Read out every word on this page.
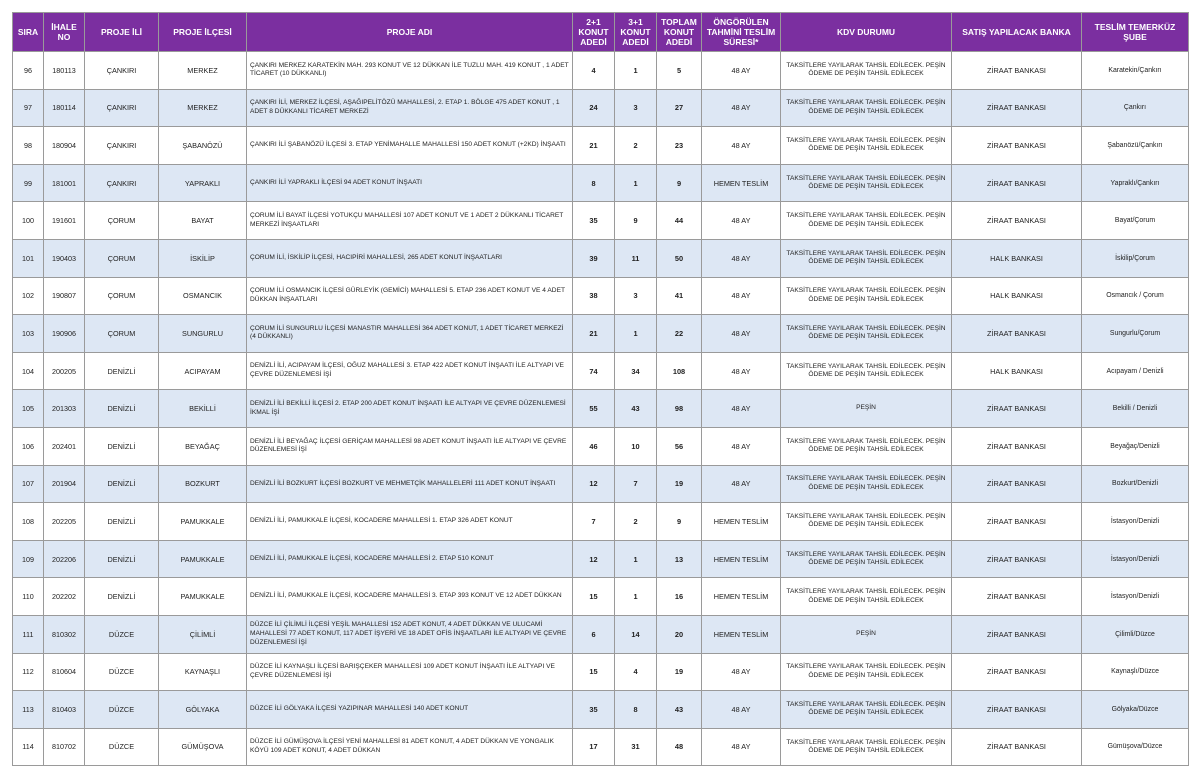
SIRA	İHALE NO	PROJE İLİ	PROJE İLÇESİ	PROJE ADI	2+1 KONUT ADEDİ	3+1 KONUT ADEDİ	TOPLAM KONUT ADEDİ	ÖNGÖRÜLEN TAHMİNİ TESLİM SÜRESİ*	KDV DURUMU	SATIŞ YAPILACAK BANKA	TESLİM TEMERKÜZ ŞUBE
96	180113	ÇANKIRI	MERKEZ	ÇANKIRI MERKEZ KARATEKİN MAH. 293 KONUT VE 12 DÜKKAN İLE TUZLU MAH. 419 KONUT , 1 ADET TİCARET (10 DÜKKANLI)	4	1	5	48 AY	TAKSİTLERE YAYILARAK TAHSİL EDİLECEK. PEŞİN ÖDEME DE PEŞİN TAHSİL EDİLECEK	ZİRAAT BANKASI	Karatekin/Çankırı
97	180114	ÇANKIRI	MERKEZ	ÇANKIRI İLİ, MERKEZ İLÇESİ, AŞAĞIPELİTÖZÜ MAHALLESİ, 2. ETAP 1. BÖLGE 475 ADET KONUT , 1 ADET 8 DÜKKANLI TİCARET MERKEZİ	24	3	27	48 AY	TAKSİTLERE YAYILARAK TAHSİL EDİLECEK. PEŞİN ÖDEME DE PEŞİN TAHSİL EDİLECEK	ZİRAAT BANKASI	Çankırı
98	180904	ÇANKIRI	ŞABANÖZÜ	ÇANKIRI İLİ ŞABANÖZÜ İLÇESİ 3. ETAP YENİMAHALLE MAHALLESİ 150 ADET KONUT (+2KD) İNŞAATI	21	2	23	48 AY	TAKSİTLERE YAYILARAK TAHSİL EDİLECEK. PEŞİN ÖDEME DE PEŞİN TAHSİL EDİLECEK	ZİRAAT BANKASI	Şabanözü/Çankırı
99	181001	ÇANKIRI	YAPRAKLI	ÇANKIRI İLİ YAPRAKLI İLÇESİ 94 ADET KONUT İNŞAATI	8	1	9	HEMEN TESLİM	TAKSİTLERE YAYILARAK TAHSİL EDİLECEK. PEŞİN ÖDEME DE PEŞİN TAHSİL EDİLECEK	ZİRAAT BANKASI	Yapraklı/Çankırı
100	191601	ÇORUM	BAYAT	ÇORUM İLİ BAYAT İLÇESİ YOTUKÇU MAHALLESİ 107 ADET KONUT VE 1 ADET 2 DÜKKANLI TİCARET MERKEZİ İNŞAATLARI	35	9	44	48 AY	TAKSİTLERE YAYILARAK TAHSİL EDİLECEK. PEŞİN ÖDEME DE PEŞİN TAHSİL EDİLECEK	ZİRAAT BANKASI	Bayat/Çorum
101	190403	ÇORUM	İSKİLİP	ÇORUM İLİ, İSKİLİP İLÇESİ, HACIPİRİ MAHALLESİ, 265 ADET KONUT İNŞAATLARI	39	11	50	48 AY	TAKSİTLERE YAYILARAK TAHSİL EDİLECEK. PEŞİN ÖDEME DE PEŞİN TAHSİL EDİLECEK	HALK BANKASI	İskilip/Çorum
102	190807	ÇORUM	OSMANCIK	ÇORUM İLİ OSMANCIK İLÇESİ GÜRLEYİK (GEMİCİ) MAHALLESİ 5. ETAP 236 ADET KONUT VE 4 ADET DÜKKAN İNŞAATLARI	38	3	41	48 AY	TAKSİTLERE YAYILARAK TAHSİL EDİLECEK. PEŞİN ÖDEME DE PEŞİN TAHSİL EDİLECEK	HALK BANKASI	Osmancık / Çorum
103	190906	ÇORUM	SUNGURLU	ÇORUM İLİ SUNGURLU İLÇESİ MANASTIR MAHALLESİ 364 ADET KONUT, 1 ADET TİCARET MERKEZİ (4 DÜKKANLI)	21	1	22	48 AY	TAKSİTLERE YAYILARAK TAHSİL EDİLECEK. PEŞİN ÖDEME DE PEŞİN TAHSİL EDİLECEK	ZİRAAT BANKASI	Sungurlu/Çorum
104	200205	DENİZLİ	ACIPAYAM	DENİZLİ İLİ, ACIPAYAM İLÇESİ, OĞUZ MAHALLESİ 3. ETAP 422 ADET KONUT İNŞAATI İLE ALTYAPI VE ÇEVRE DÜZENLEMESİ İŞİ	74	34	108	48 AY	TAKSİTLERE YAYILARAK TAHSİL EDİLECEK. PEŞİN ÖDEME DE PEŞİN TAHSİL EDİLECEK	HALK BANKASI	Acıpayam / Denizli
105	201303	DENİZLİ	BEKİLLİ	DENİZLİ İLİ BEKİLLİ İLÇESİ 2. ETAP 200 ADET KONUT İNŞAATI İLE ALTYAPI VE ÇEVRE DÜZENLEMESİ İKMAL İŞİ	55	43	98	48 AY	PEŞİN	ZİRAAT BANKASI	Bekilli / Denizli
106	202401	DENİZLİ	BEYAĞAÇ	DENİZLİ İLİ BEYAĞAÇ İLÇESİ GERİÇAM MAHALLESİ 98 ADET KONUT İNŞAATI İLE ALTYAPI VE ÇEVRE DÜZENLEMESİ İŞİ	46	10	56	48 AY	TAKSİTLERE YAYILARAK TAHSİL EDİLECEK. PEŞİN ÖDEME DE PEŞİN TAHSİL EDİLECEK	ZİRAAT BANKASI	Beyağaç/Denizli
107	201904	DENİZLİ	BOZKURT	DENİZLİ İLİ BOZKURT İLÇESİ BOZKURT VE MEHMETÇİK MAHALLELERİ 111 ADET KONUT İNŞAATI	12	7	19	48 AY	TAKSİTLERE YAYILARAK TAHSİL EDİLECEK. PEŞİN ÖDEME DE PEŞİN TAHSİL EDİLECEK	ZİRAAT BANKASI	Bozkurt/Denizli
108	202205	DENİZLİ	PAMUKKALE	DENİZLİ İLİ, PAMUKKALE İLÇESİ, KOCADERE MAHALLESİ 1. ETAP 326 ADET KONUT	7	2	9	HEMEN TESLİM	TAKSİTLERE YAYILARAK TAHSİL EDİLECEK. PEŞİN ÖDEME DE PEŞİN TAHSİL EDİLECEK	ZİRAAT BANKASI	İstasyon/Denizli
109	202206	DENİZLİ	PAMUKKALE	DENİZLİ İLİ, PAMUKKALE İLÇESİ, KOCADERE MAHALLESİ 2. ETAP 510 KONUT	12	1	13	HEMEN TESLİM	TAKSİTLERE YAYILARAK TAHSİL EDİLECEK. PEŞİN ÖDEME DE PEŞİN TAHSİL EDİLECEK	ZİRAAT BANKASI	İstasyon/Denizli
110	202202	DENİZLİ	PAMUKKALE	DENİZLİ İLİ, PAMUKKALE İLÇESİ, KOCADERE MAHALLESİ 3. ETAP 393 KONUT VE 12 ADET DÜKKAN	15	1	16	HEMEN TESLİM	TAKSİTLERE YAYILARAK TAHSİL EDİLECEK. PEŞİN ÖDEME DE PEŞİN TAHSİL EDİLECEK	ZİRAAT BANKASI	İstasyon/Denizli
111	810302	DÜZCE	ÇİLİMLİ	DÜZCE İLİ ÇİLİMLİ İLÇESİ YEŞİL MAHALLESİ 152 ADET KONUT, 4 ADET DÜKKAN VE ULUCAMİ MAHALLESİ 77 ADET KONUT, 117 ADET İŞYERİ VE 18 ADET OFİS İNŞAATLARI İLE ALTYAPI VE ÇEVRE DÜZENLEMESİ İŞİ	6	14	20	HEMEN TESLİM	PEŞİN	ZİRAAT BANKASI	Çilimli/Düzce
112	810604	DÜZCE	KAYNAŞLI	DÜZCE İLİ KAYNAŞLI İLÇESİ BARIŞÇEKER MAHALLESİ 109 ADET KONUT İNŞAATI İLE ALTYAPI VE ÇEVRE DÜZENLEMESİ İŞİ	15	4	19	48 AY	TAKSİTLERE YAYILARAK TAHSİL EDİLECEK. PEŞİN ÖDEME DE PEŞİN TAHSİL EDİLECEK	ZİRAAT BANKASI	Kaynaşlı/Düzce
113	810403	DÜZCE	GÖLYAKA	DÜZCE İLİ GÖLYAKA İLÇESİ YAZIPINAR MAHALLESİ 140 ADET KONUT	35	8	43	48 AY	TAKSİTLERE YAYILARAK TAHSİL EDİLECEK. PEŞİN ÖDEME DE PEŞİN TAHSİL EDİLECEK	ZİRAAT BANKASI	Gölyaka/Düzce
114	810702	DÜZCE	GÜMÜŞOVA	DÜZCE İLİ GÜMÜŞOVA İLÇESİ YENİ MAHALLESİ 81 ADET KONUT, 4 ADET DÜKKAN VE YONGALIK KÖYÜ 109 ADET KONUT, 4 ADET DÜKKAN	17	31	48	48 AY	TAKSİTLERE YAYILARAK TAHSİL EDİLECEK. PEŞİN ÖDEME DE PEŞİN TAHSİL EDİLECEK	ZİRAAT BANKASI	Gümüşova/Düzce
